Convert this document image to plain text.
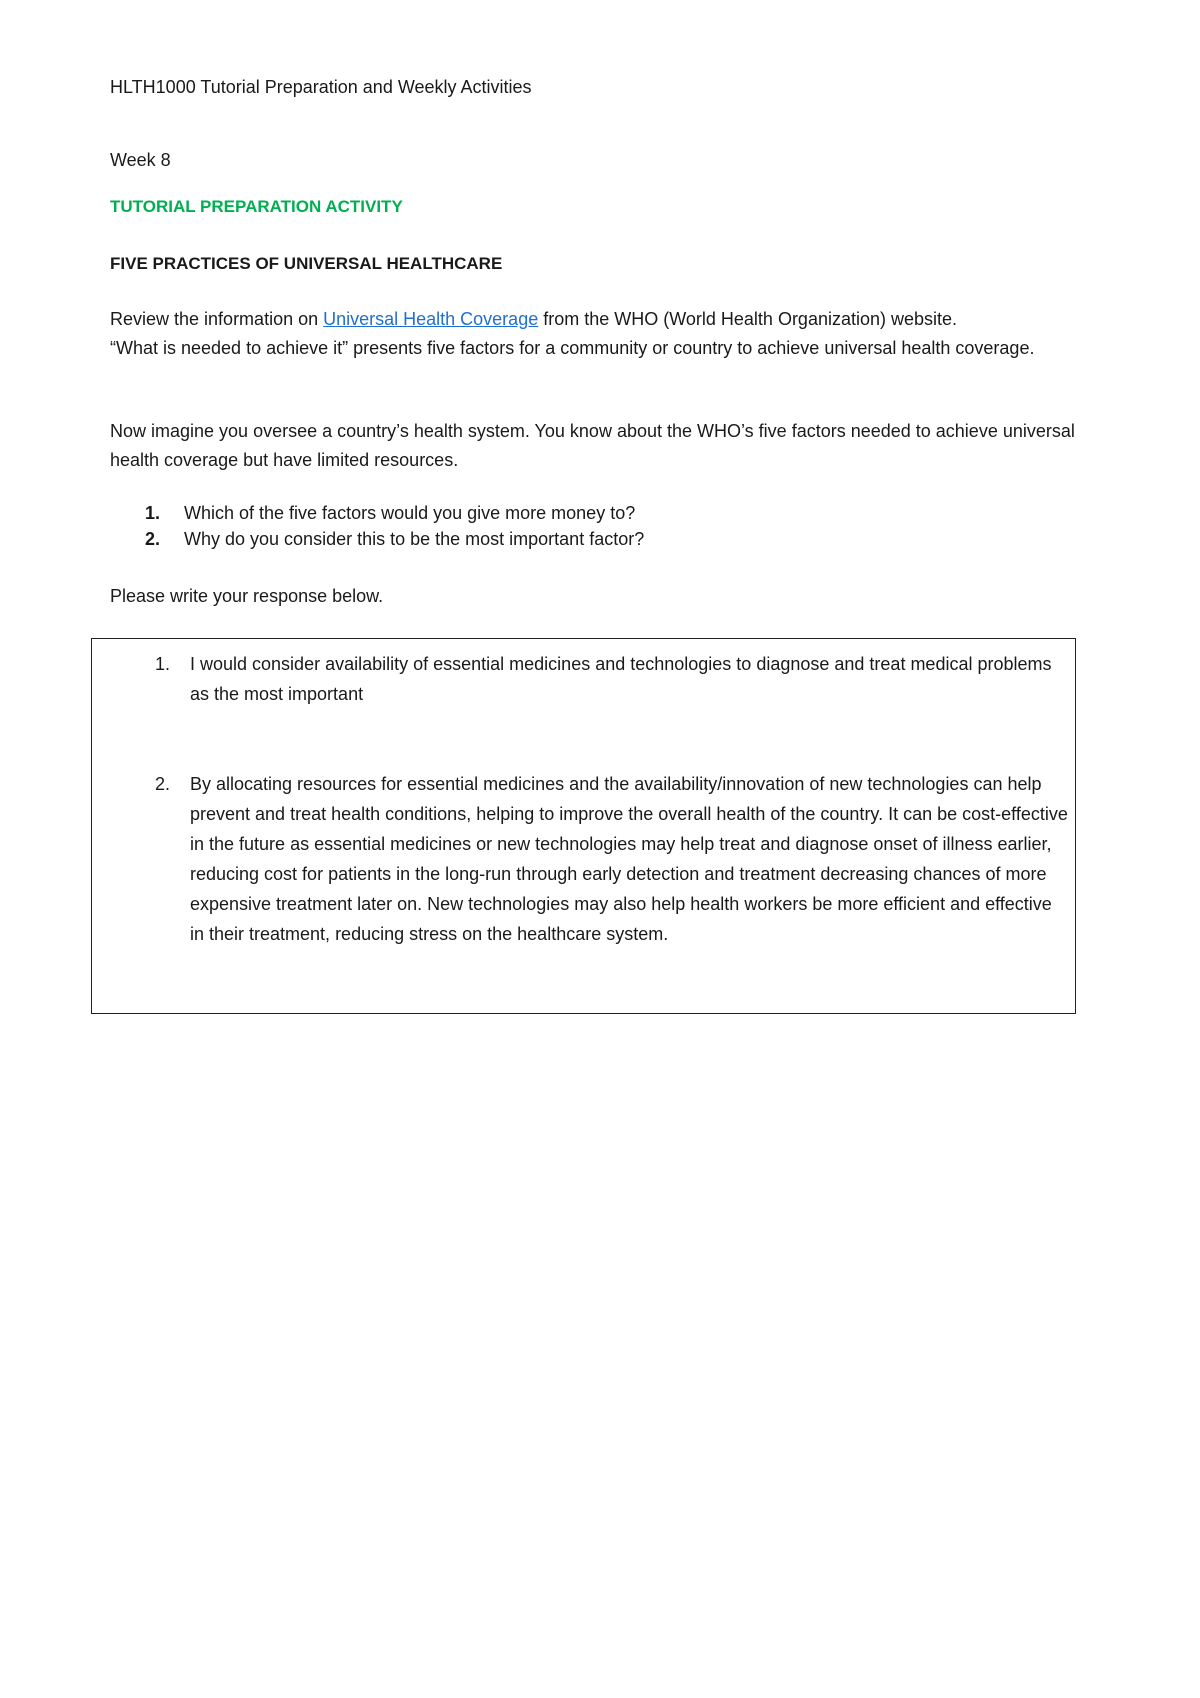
HLTH1000 Tutorial Preparation and Weekly Activities
Week 8
TUTORIAL PREPARATION ACTIVITY
FIVE PRACTICES OF UNIVERSAL HEALTHCARE

Review the information on Universal Health Coverage from the WHO (World Health Organization) website.

“What is needed to achieve it” presents five factors for a community or country to achieve universal health coverage.

Now imagine you oversee a country’s health system. You know about the WHO’s five factors needed to achieve universal health coverage but have limited resources.

1. Which of the five factors would you give more money to?
2. Why do you consider this to be the most important factor?
Please write your response below.
1. I would consider availability of essential medicines and technologies to diagnose and treat medical problems as the most important
2. By allocating resources for essential medicines and the availability/innovation of new technologies can help prevent and treat health conditions, helping to improve the overall health of the country. It can be cost-effective in the future as essential medicines or new technologies may help treat and diagnose onset of illness earlier, reducing cost for patients in the long-run through early detection and treatment decreasing chances of more expensive treatment later on. New technologies may also help health workers be more efficient and effective in their treatment, reducing stress on the healthcare system.
